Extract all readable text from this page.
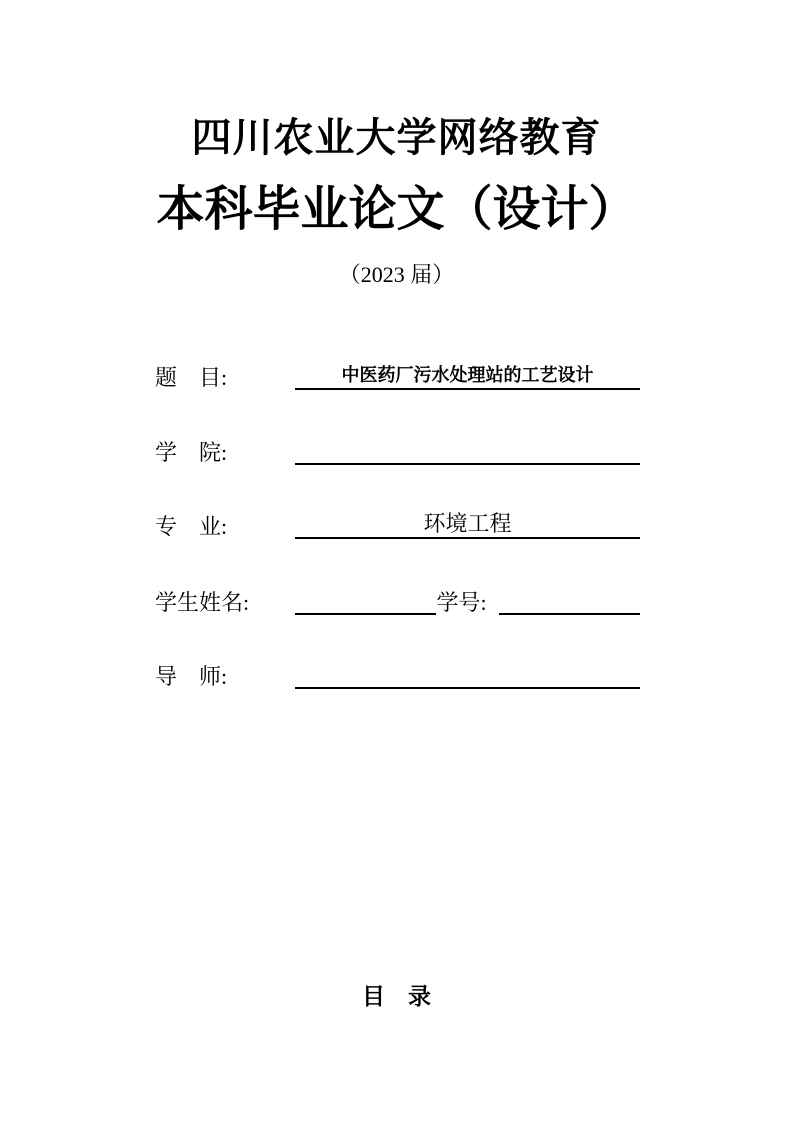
四川农业大学网络教育
本科毕业论文（设计）
（2023 届）
题　目:	中医药厂污水处理站的工艺设计
学　院:
专　业:	环境工程
学生姓名:	学号:
导　师:
目　录
